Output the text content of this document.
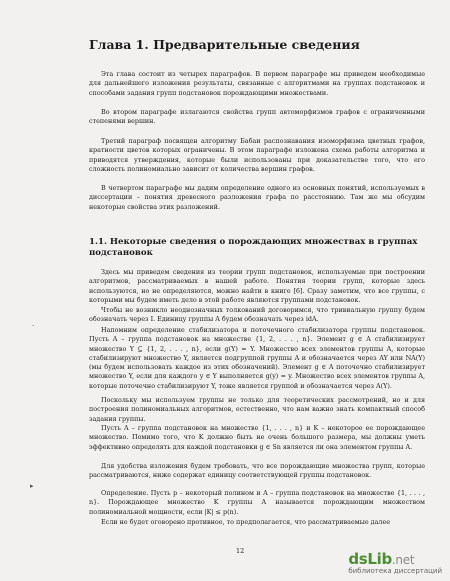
Глава 1. Предварительные сведения

Эта глава состоит из четырех параграфов. В первом параграфе мы приведем необходимые для дальнейшего изложения результаты, связанные с алгоритмами на группах подстановок и способами задания групп подстановок порождающими множествами.

Во втором параграфе излагаются свойства групп автоморфизмов графов с ограниченными степенями вершин.

Третий параграф посвящен алгоритму Бабаи распознавания изоморфизма цветных графов, кратности цветов которых ограничены. В этом параграфе изложена схема работы алгоритма и приводятся утверждения, которые были использованы при доказательстве того, что его сложность полиномиально зависит от количества вершин графов.

В четвертом параграфе мы дадим определение одного из основных понятий, используемых в диссертации – понятия древесного разложения графа по расстоянию. Там же мы обсудим некоторые свойства этих разложений.

1.1. Некоторые сведения о порождающих множествах в группах подстановок

Здесь мы приведем сведения из теории групп подстановок, используемые при построении алгоритмов, рассматриваемых в нашей работе. Понятия теории групп, которые здесь используются, но не определяются, можно найти в книге [6]. Сразу заметим, что все группы, с которыми мы будем иметь дело в этой работе являются группами подстановок.

Чтобы не возникло неоднозначных толкований договоримся, что тривиальную группу будем обозначать через I. Единицу группы A будем обозначать через idA.

Напомним определение стабилизатора и поточечного стабилизатора группы подстановок. Пусть A – группа подстановок на множестве {1, 2, . . . , n}. Элемент g ∈ A стабилизирует множество Y ⊆ {1, 2, . . . , n}, если g(Y) = Y. Множество всех элементов группы A, которые стабилизируют множество Y, является подгруппой группы A и обозначается через AY или NA(Y) (мы будем использовать каждое из этих обозначений). Элемент g ∈ A поточечно стабилизирует множество Y, если для каждого y ∈ Y выполняется g(y) = y. Множество всех элементов группы A, которые поточечно стабилизируют Y, тоже является группой и обозначается через A(Y).

Поскольку мы используем группы не только для теоретических рассмотрений, но и для построения полиномиальных алгоритмов, естественно, что нам важно знать компактный способ задания группы.

Пусть A – группа подстановок на множестве {1, . . . , n} и K – некоторое ее порождающее множество. Помимо того, что K должно быть не очень большого размера, мы должны уметь эффективно определять для каждой подстановки g ∈ Sn является ли она элементом группы A.

Для удобства изложения будем требовать, что все порождающие множества групп, которые рассматриваются, ниже содержат единицу соответствующей группы подстановок.

Определение. Пусть p – некоторый полином и A – группа подстановок на множестве {1, . . . , n}. Порождающее множество K группы A называется порождающим множеством полиномиальной мощности, если |K| ≤ p(n).

Если не будет оговорено противное, то предполагается, что рассматриваемые далее

·
▸
12	dsLib.net
библиотека диссертаций
